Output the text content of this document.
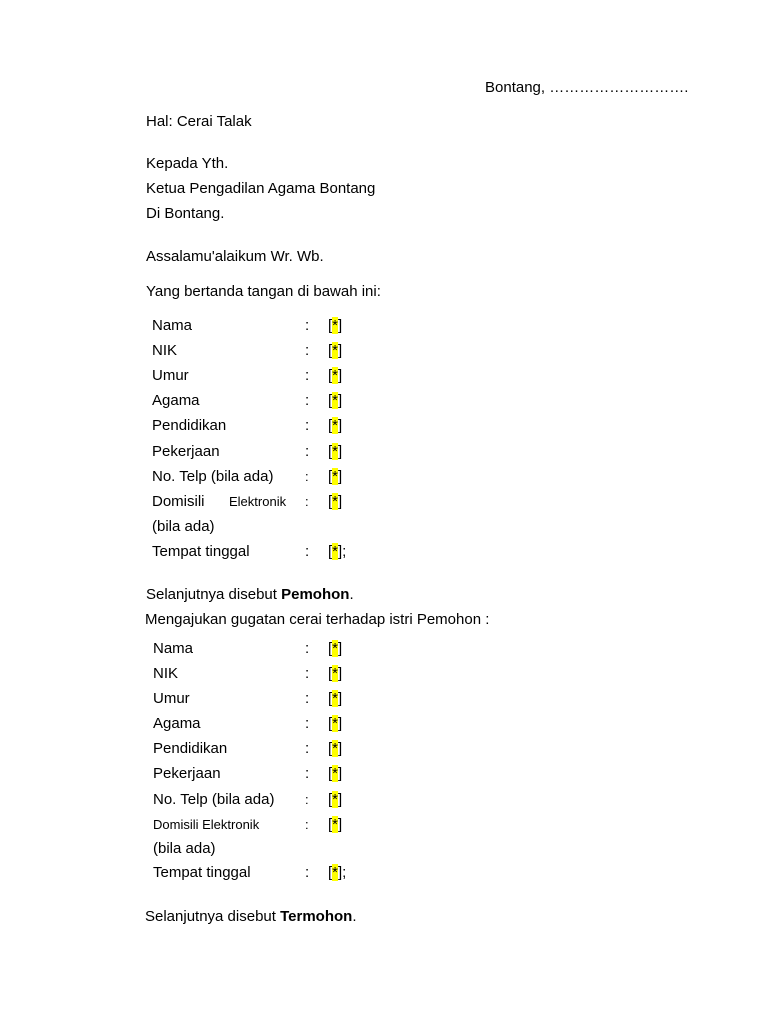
Bontang, ……………………….
Hal: Cerai Talak
Kepada Yth.
Ketua Pengadilan Agama Bontang
Di Bontang.
Assalamu'alaikum Wr. Wb.
Yang bertanda tangan di bawah ini:
Nama	: [*]
NIK	: [*]
Umur	: [*]
Agama	: [*]
Pendidikan	: [*]
Pekerjaan	: [*]
No. Telp (bila ada) : [*]
Domisili Elektronik : [*]
(bila ada)
Tempat tinggal	: [*];
Selanjutnya disebut Pemohon.
Mengajukan gugatan cerai terhadap istri Pemohon :
Nama	: [*]
NIK	: [*]
Umur	: [*]
Agama	: [*]
Pendidikan	: [*]
Pekerjaan	: [*]
No. Telp (bila ada) : [*]
Domisili Elektronik	: [*]
(bila ada)
Tempat tinggal	: [*];
Selanjutnya disebut Termohon.
